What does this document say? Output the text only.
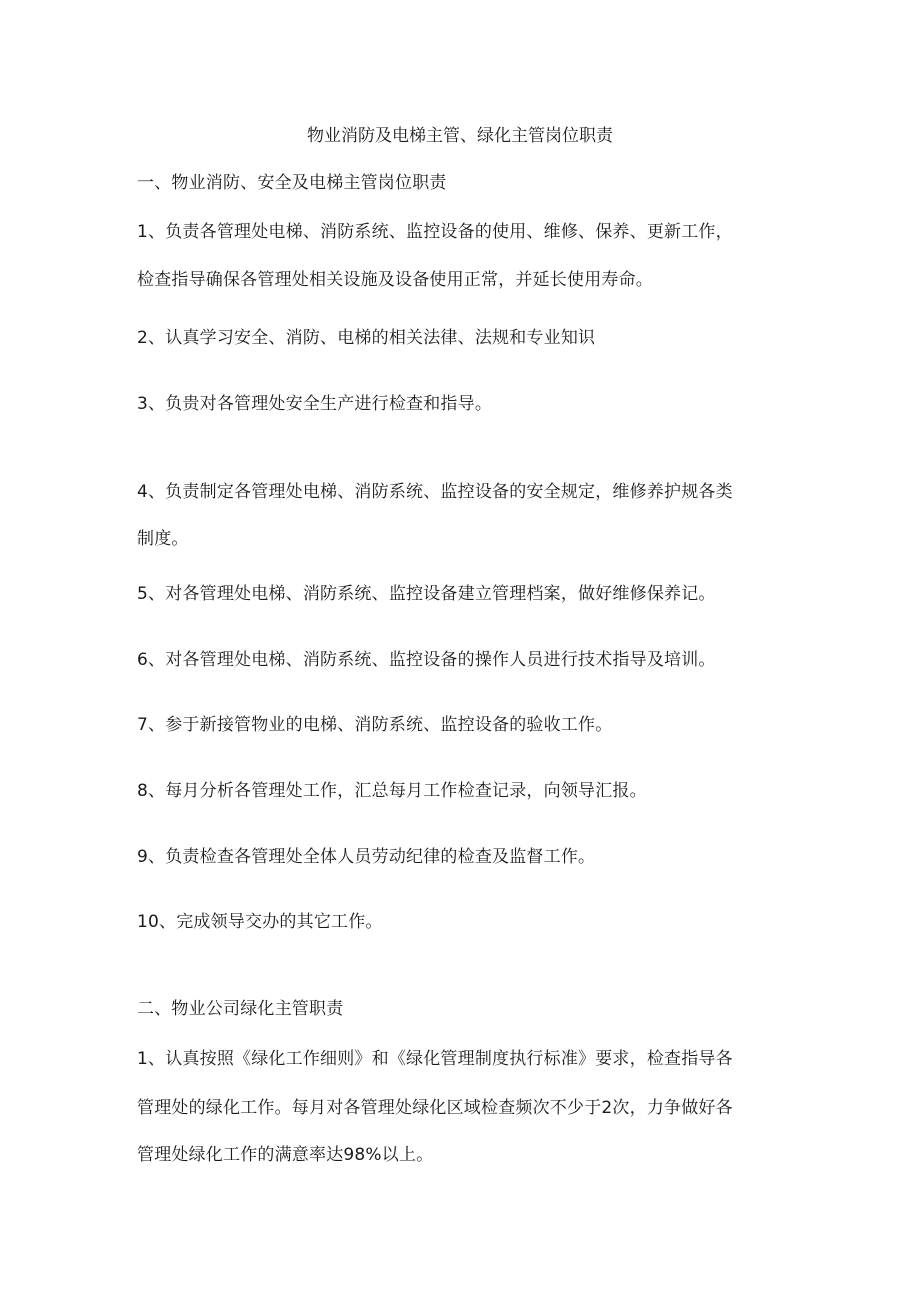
物业消防及电梯主管、绿化主管岗位职责
一、物业消防、安全及电梯主管岗位职责
1、负责各管理处电梯、消防系统、监控设备的使用、维修、保养、更新工作，
检查指导确保各管理处相关设施及设备使用正常，并延长使用寿命。
2、认真学习安全、消防、电梯的相关法律、法规和专业知识
3、负贵对各管理处安全生产进行检查和指导。
4、负责制定各管理处电梯、消防系统、监控设备的安全规定，维修养护规各类
制度。
5、对各管理处电梯、消防系统、监控设备建立管理档案，做好维修保养记。
6、对各管理处电梯、消防系统、监控设备的操作人员进行技术指导及培训。
7、参于新接管物业的电梯、消防系统、监控设备的验收工作。
8、每月分析各管理处工作，汇总每月工作检查记录，向领导汇报。
9、负责检查各管理处全体人员劳动纪律的检查及监督工作。
10、完成领导交办的其它工作。
二、物业公司绿化主管职责
1、认真按照《绿化工作细则》和《绿化管理制度执行标准》要求，检查指导各
管理处的绿化工作。每月对各管理处绿化区域检查频次不少于2次，力争做好各
管理处绿化工作的满意率达98%以上。
